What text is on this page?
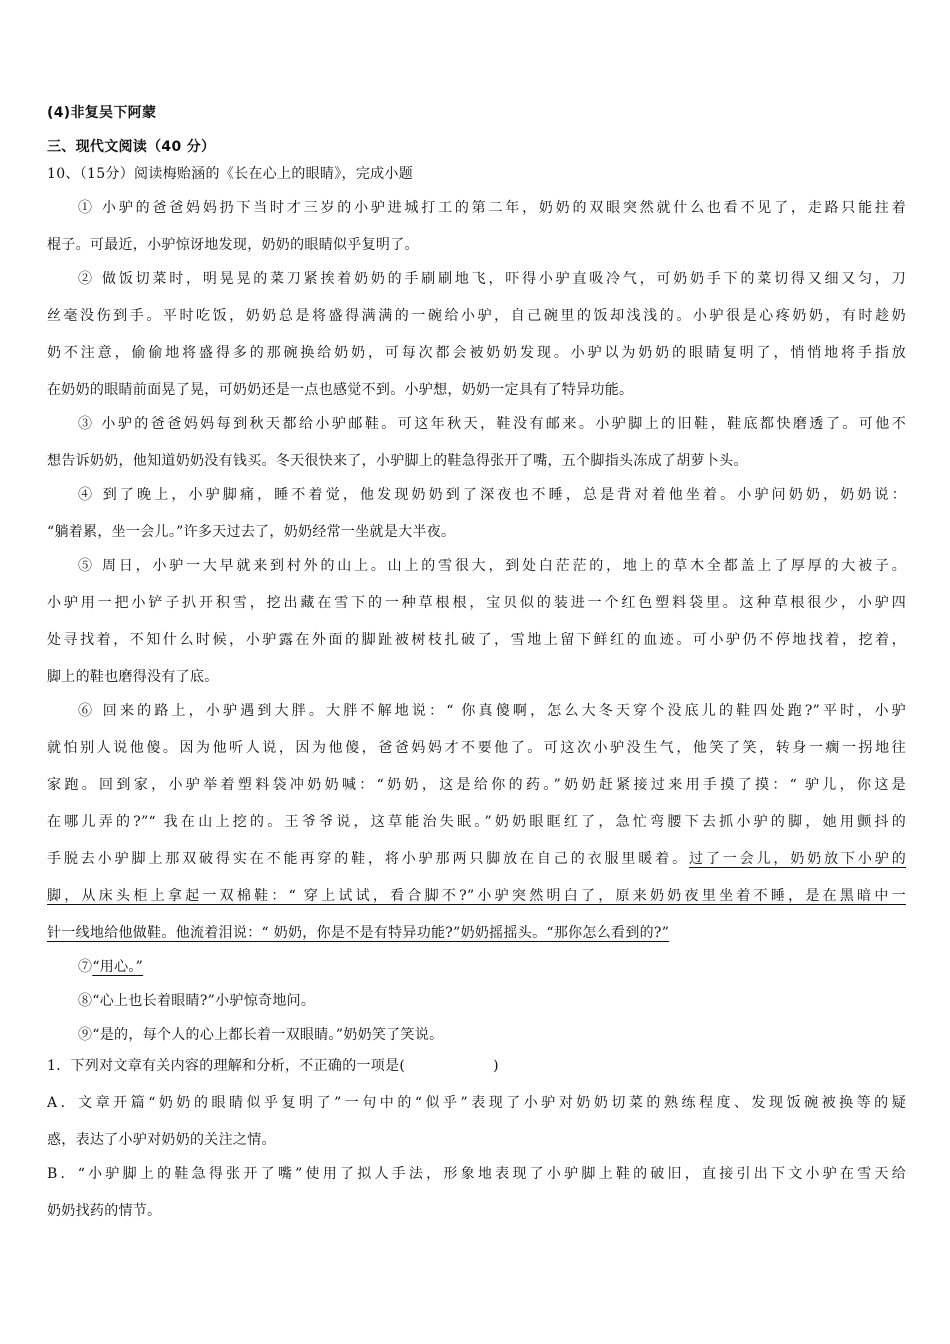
(4)非复吴下阿蒙
三、现代文阅读（40 分）
10、（15分）阅读梅贻涵的《长在心上的眼睛》，完成小题
① 小驴的爸爸妈妈扔下当时才三岁的小驴进城打工的第二年，奶奶的双眼突然就什么也看不见了，走路只能拄着
棍子。可最近，小驴惊讶地发现，奶奶的眼睛似乎复明了。
② 做饭切菜时，明晃晃的菜刀紧挨着奶奶的手刷刷地飞，吓得小驴直吸冷气，可奶奶手下的菜切得又细又匀，刀
丝毫没伤到手。平时吃饭，奶奶总是将盛得满满的一碗给小驴，自己碗里的饭却浅浅的。小驴很是心疼奶奶，有时趁奶
奶不注意，偷偷地将盛得多的那碗换给奶奶，可每次都会被奶奶发现。小驴以为奶奶的眼睛复明了，悄悄地将手指放
在奶奶的眼睛前面晃了晃，可奶奶还是一点也感觉不到。小驴想，奶奶一定具有了特异功能。
③ 小驴的爸爸妈妈每到秋天都给小驴邮鞋。可这年秋天，鞋没有邮来。小驴脚上的旧鞋，鞋底都快磨透了。可他不
想告诉奶奶，他知道奶奶没有钱买。冬天很快来了，小驴脚上的鞋急得张开了嘴，五个脚指头冻成了胡萝卜头。
④ 到了晚上，小驴脚痛，睡不着觉，他发现奶奶到了深夜也不睡，总是背对着他坐着。小驴问奶奶，奶奶说：
“躺着累，坐一会儿。”许多天过去了，奶奶经常一坐就是大半夜。
⑤ 周日，小驴一大早就来到村外的山上。山上的雪很大，到处白茫茫的，地上的草木全都盖上了厚厚的大被子。
小驴用一把小铲子扒开积雪，挖出藏在雪下的一种草根根，宝贝似的装进一个红色塑料袋里。这种草根很少，小驴四
处寻找着，不知什么时候，小驴露在外面的脚趾被树枝扎破了，雪地上留下鲜红的血迹。可小驴仍不停地找着，挖着，
脚上的鞋也磨得没有了底。
⑥ 回来的路上，小驴遇到大胖。大胖不解地说：“ 你真傻啊，怎么大冬天穿个没底儿的鞋四处跑?”平时，小驴
就怕别人说他傻。因为他听人说，因为他傻，爸爸妈妈才不要他了。可这次小驴没生气，他笑了笑，转身一瘸一拐地往
家跑。回到家，小驴举着塑料袋冲奶奶喊：“奶奶，这是给你的药。”奶奶赶紧接过来用手摸了摸：“ 驴儿，你这是
在哪儿弄的?”“ 我在山上挖的。王爷爷说，这草能治失眠。”奶奶眼眶红了，急忙弯腰下去抓小驴的脚，她用颤抖的
手脱去小驴脚上那双破得实在不能再穿的鞋，将小驴那两只脚放在自己的衣服里暖着。过了一会儿，奶奶放下小驴的
脚，从床头柜上拿起一双棉鞋：“ 穿上试试，看合脚不?”小驴突然明白了，原来奶奶夜里坐着不睡，是在黑暗中一
针一线地给他做鞋。他流着泪说：“ 奶奶，你是不是有特异功能?”奶奶摇摇头。“那你怎么看到的?”
⑦“用心。”
⑧“心上也长着眼睛?”小驴惊奇地问。
⑨“是的，每个人的心上都长着一双眼睛。”奶奶笑了笑说。
1．下列对文章有关内容的理解和分析，不正确的一项是(	)
A．文章开篇“奶奶的眼睛似乎复明了”一句中的“似乎”表现了小驴对奶奶切菜的熟练程度、发现饭碗被换等的疑
惑，表达了小驴对奶奶的关注之情。
B．“小驴脚上的鞋急得张开了嘴”使用了拟人手法，形象地表现了小驴脚上鞋的破旧，直接引出下文小驴在雪天给
奶奶找药的情节。
